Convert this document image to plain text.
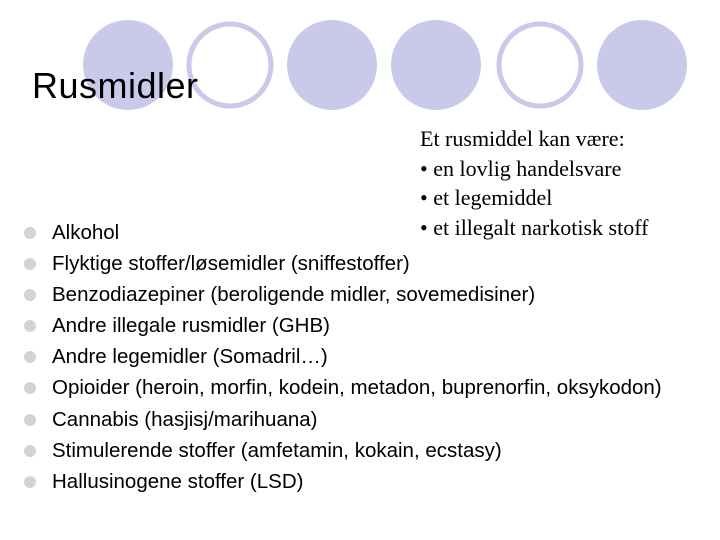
Rusmidler
Et rusmiddel kan være:
• en lovlig handelsvare
• et legemiddel
• et illegalt narkotisk stoff
Alkohol
Flyktige stoffer/løsemidler (sniffestoffer)
Benzodiazepiner (beroligende midler, sovemedisiner)
Andre illegale rusmidler (GHB)
Andre legemidler (Somadril…)
Opioider (heroin, morfin, kodein, metadon, buprenorfin, oksykodon)
Cannabis (hasjisj/marihuana)
Stimulerende stoffer (amfetamin, kokain, ecstasy)
Hallusinogene stoffer (LSD)
